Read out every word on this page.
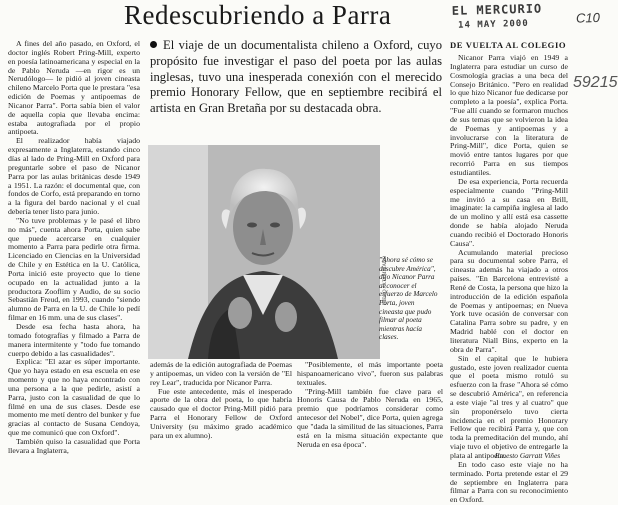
Redescubriendo a Parra	EL MERCURIO
14 MAY 2000	C10
59215

A fines del año pasado, en Oxford, el doctor inglés Robert Pring-Mill, experto en poesía latinoamericana y especial en la de Pablo Neruda —en rigor es un Nerudólogo— le pidió al joven cineasta chileno Marcelo Porta que le prestara "esa edición de Poemas y antipoemas de Nicanor Parra". Porta sabía bien el valor de aquella copia que llevaba encima: estaba autografiada por el propio antipoeta.

El realizador había viajado expresamente a Inglaterra, estando cinco días al lado de Pring-Mill en Oxford para preguntarle sobre el paso de Nicanor Parra por las aulas británicas desde 1949 a 1951. La razón: el documental que, con fondos de Corfo, está preparando en torno a la figura del bardo nacional y el cual debería tener listo para junio.

"No tuve problemas y le pasé el libro no más", cuenta ahora Porta, quien sabe que puede acercarse en cualquier momento a Parra para pedirle otra firma. Licenciado en Ciencias en la Universidad de Chile y en Estética en la U. Católica, Porta inició este proyecto que lo tiene ocupado en la actualidad junto a la productora Zooflim y Audio, de su socio Sebastián Freud, en 1993, cuando "siendo alumno de Parra en la U. de Chile lo pedí filmar en 16 mm. una de sus clases".

Desde esa fecha hasta ahora, ha tomado fotografías y filmado a Parra de manera intermitente y "todo fue tomando cuerpo debido a las casualidades".

Explica: "El azar es súper importante. Que yo haya estado en esa escuela en ese momento y que no haya encontrado con una persona a la que pedirle, asistí a Parra, justo con la casualidad de que lo filmé en una de sus clases. Desde ese momento me metí dentro del bunker y fue gracias al contacto de Susana Cendoya, que me comunicó que con Oxford".

También quiso la casualidad que Porta llevara a Inglaterra,

El viaje de un documentalista chileno a Oxford, cuyo propósito fue investigar el paso del poeta por las aulas inglesas, tuvo una inesperada conexión con el merecido premio Honorary Fellow, que en septiembre recibirá el artista en Gran Bretaña por su destacada obra.
"Ahora sé cómo se descubre América", dijo Nicanor Parra al conocer el esfuerzo de Marcelo Porta, joven cineasta que pudo filmar al poeta mientras hacía clases.
DIEGO ALTAMIRANO

además de la edición autografiada de Poemas y antipoemas, un video con la versión de "El rey Lear", traducida por Nicanor Parra.

Fue este antecedente, más el inesperado aporte de la obra del poeta, lo que habría causado que el doctor Pring-Mill pidió para Parra el Honorary Fellow de Oxford University (su máximo grado académico para un ex alumno).

"Posiblemente, el más importante poeta hispanoamericano vivo", fueron sus palabras textuales.

"Pring-Mill también fue clave para el Honoris Causa de Pablo Neruda en 1965, premio que podríamos considerar como antecesor del Nobel", dice Porta, quien agrega que "dada la similitud de las situaciones, Parra está en la misma situación expectante que Neruda en esa época".

DE VUELTA AL COLEGIO

Nicanor Parra viajó en 1949 a Inglaterra para estudiar un curso de Cosmología gracias a una beca del Consejo Británico. "Pero en realidad lo que hizo Nicanor fue dedicarse por completo a la poesía", explica Porta. "Fue allí cuando se formaron muchos de sus temas que se volvieron la idea de Poemas y antipoemas y a involucrarse con la literatura de Pring-Mill", dice Porta, quien se movió entre tantos lugares por que recorrió Parra en sus tiempos estudiantiles.

De esa experiencia, Porta recuerda especialmente cuando "Pring-Mill me invitó a su casa en Brill, imaginate: la campiña inglesa al lado de un molino y allí está esa cassette donde se había alojado Neruda cuando recibió el Doctorado Honoris Causa".

Acumulando material precioso para su documental sobre Parra, el cineasta además ha viajado a otros países. "En Barcelona entrevisté a René de Costa, la persona que hizo la introducción de la edición española de Poemas y antipoemas; en Nueva York tuve ocasión de conversar con Catalina Parra sobre su padre, y en Madrid hablé con el doctor en literatura Niall Bins, experto en la obra de Parra".

Sin el capital que le hubiera gustado, este joven realizador cuenta que el poeta mismo rotuló su esfuerzo con la frase "Ahora sé cómo se descubrió América", en referencia a este viaje "al tres y al cuatro" que sin proponérselo tuvo cierta incidencia en el premio Honorary Fellow que recibirá Parra y, que con toda la premeditación del mundo, ahí viaje tuvo el objetivo de entregarle la plata al antipoeta.

En todo caso este viaje no ha terminado. Porta pretende estar el 29 de septiembre en Inglaterra para filmar a Parra con su reconocimiento en Oxford.

Ernesto Garratt Viñes
